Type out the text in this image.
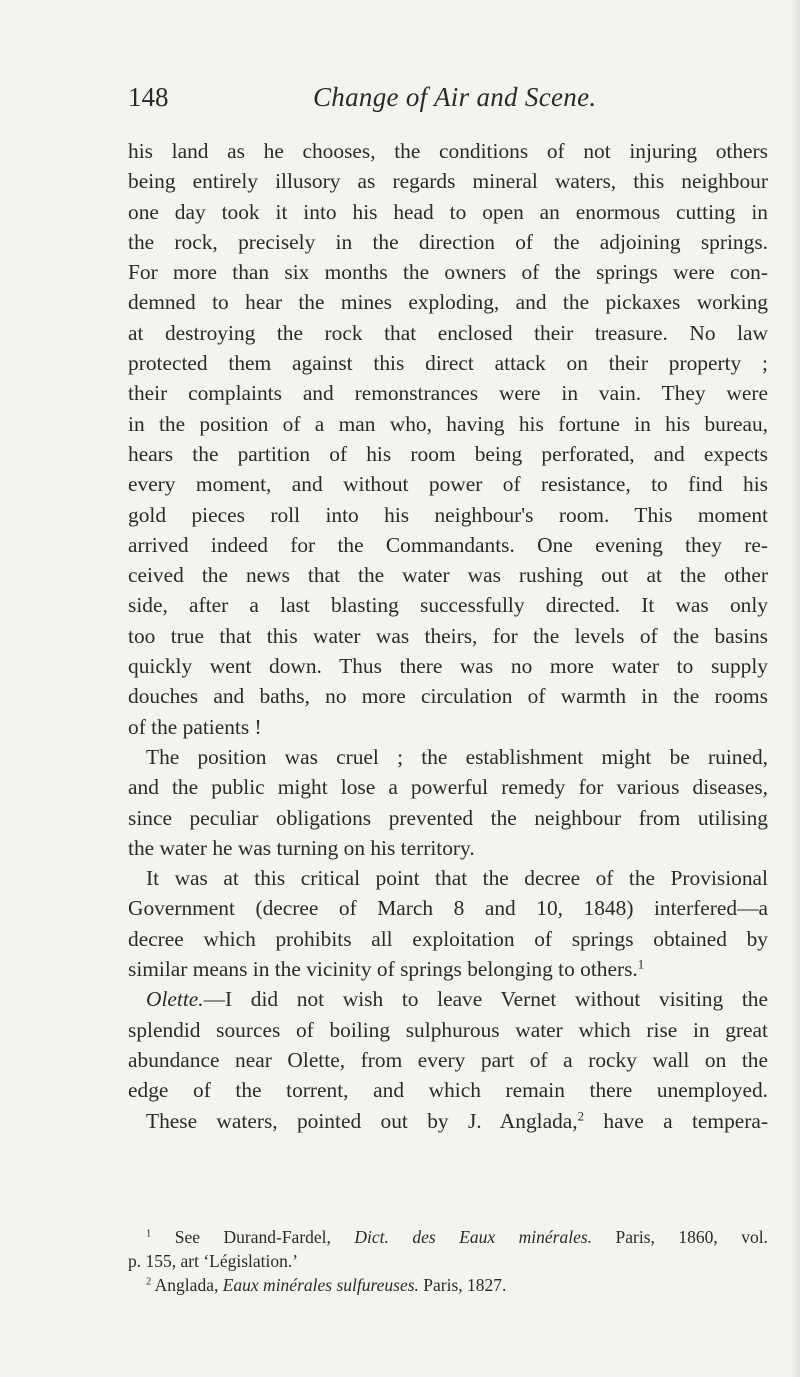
148	Change of Air and Scene.
his land as he chooses, the conditions of not injuring others
being entirely illusory as regards mineral waters, this neighbour
one day took it into his head to open an enormous cutting in
the rock, precisely in the direction of the adjoining springs.
For more than six months the owners of the springs were con-
demned to hear the mines exploding, and the pickaxes working
at destroying the rock that enclosed their treasure. No law
protected them against this direct attack on their property ;
their complaints and remonstrances were in vain. They were
in the position of a man who, having his fortune in his bureau,
hears the partition of his room being perforated, and expects
every moment, and without power of resistance, to find his
gold pieces roll into his neighbour's room. This moment
arrived indeed for the Commandants. One evening they re-
ceived the news that the water was rushing out at the other
side, after a last blasting successfully directed. It was only
too true that this water was theirs, for the levels of the basins
quickly went down. Thus there was no more water to supply
douches and baths, no more circulation of warmth in the rooms
of the patients !
The position was cruel ; the establishment might be ruined,
and the public might lose a powerful remedy for various diseases,
since peculiar obligations prevented the neighbour from utilising
the water he was turning on his territory.
It was at this critical point that the decree of the Provisional
Government (decree of March 8 and 10, 1848) interfered—a
decree which prohibits all exploitation of springs obtained by
similar means in the vicinity of springs belonging to others.$^1$
Olette.—I did not wish to leave Vernet without visiting the
splendid sources of boiling sulphurous water which rise in great
abundance near Olette, from every part of a rocky wall on the
edge of the torrent, and which remain there unemployed.
These waters, pointed out by J. Anglada,$^2$ have a tempera-
$^1$ See Durand-Fardel, Dict. des Eaux minérales. Paris, 1860, vol.
p. 155, art ‘Législation.’
$^2$ Anglada, Eaux minérales sulfureuses. Paris, 1827.
